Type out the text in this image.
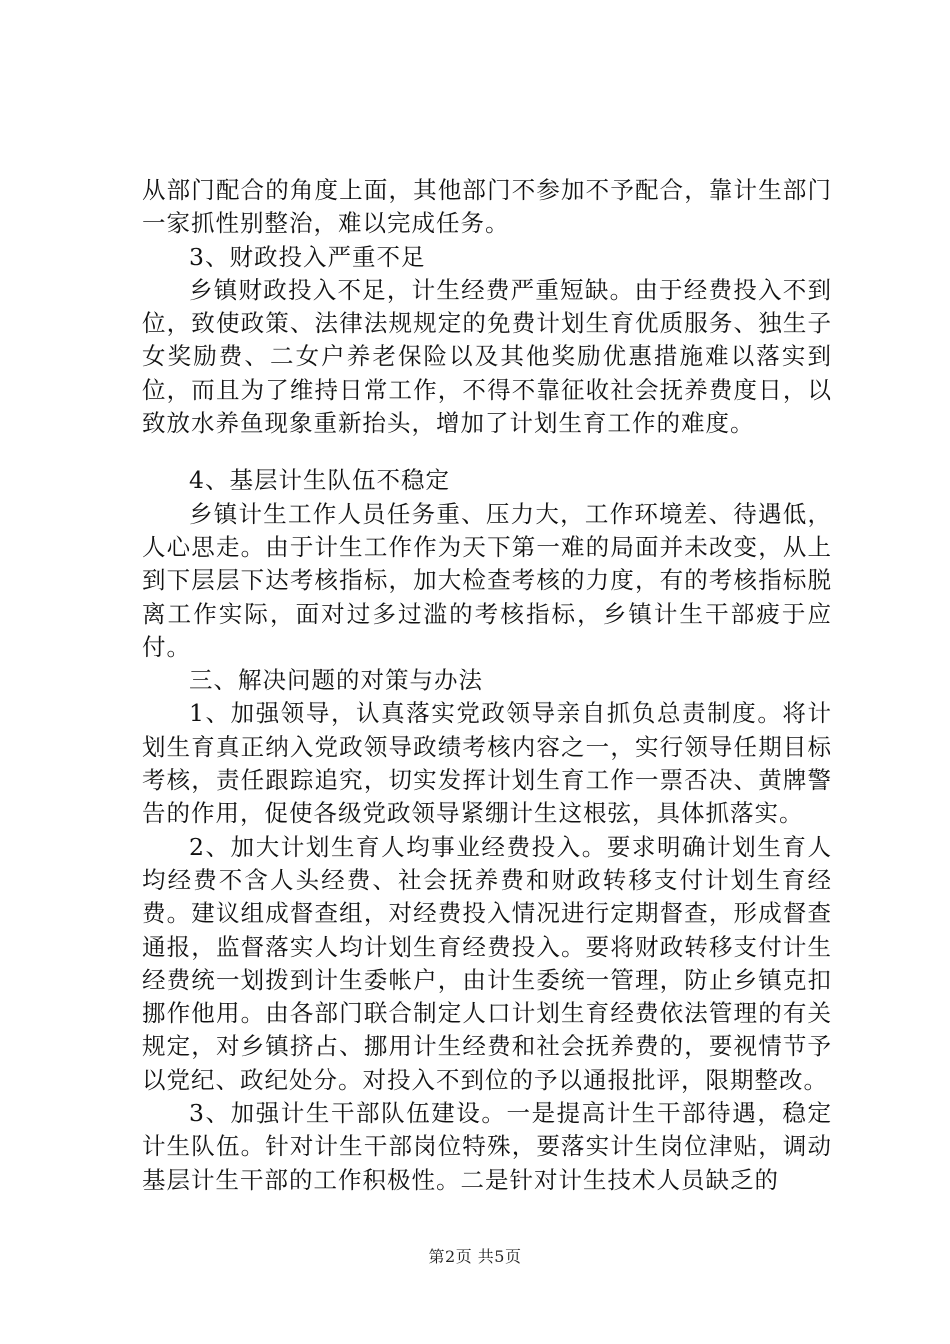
从部门配合的角度上面，其他部门不参加不予配合，靠计生部门一家抓性别整治，难以完成任务。

3、财政投入严重不足

乡镇财政投入不足，计生经费严重短缺。由于经费投入不到位，致使政策、法律法规规定的免费计划生育优质服务、独生子女奖励费、二女户养老保险以及其他奖励优惠措施难以落实到位，而且为了维持日常工作，不得不靠征收社会抚养费度日，以致放水养鱼现象重新抬头，增加了计划生育工作的难度。

4、基层计生队伍不稳定

乡镇计生工作人员任务重、压力大，工作环境差、待遇低，人心思走。由于计生工作作为天下第一难的局面并未改变，从上到下层层下达考核指标，加大检查考核的力度，有的考核指标脱离工作实际，面对过多过滥的考核指标，乡镇计生干部疲于应付。

三、解决问题的对策与办法

1、加强领导，认真落实党政领导亲自抓负总责制度。将计划生育真正纳入党政领导政绩考核内容之一，实行领导任期目标考核，责任跟踪追究，切实发挥计划生育工作一票否决、黄牌警告的作用，促使各级党政领导紧绷计生这根弦，具体抓落实。

2、加大计划生育人均事业经费投入。要求明确计划生育人均经费不含人头经费、社会抚养费和财政转移支付计划生育经费。建议组成督查组，对经费投入情况进行定期督查，形成督查通报，监督落实人均计划生育经费投入。要将财政转移支付计生经费统一划拨到计生委帐户，由计生委统一管理，防止乡镇克扣挪作他用。由各部门联合制定人口计划生育经费依法管理的有关规定，对乡镇挤占、挪用计生经费和社会抚养费的，要视情节予以党纪、政纪处分。对投入不到位的予以通报批评，限期整改。

3、加强计生干部队伍建设。一是提高计生干部待遇，稳定计生队伍。针对计生干部岗位特殊，要落实计生岗位津贴，调动基层计生干部的工作积极性。二是针对计生技术人员缺乏的

第2页 共5页
